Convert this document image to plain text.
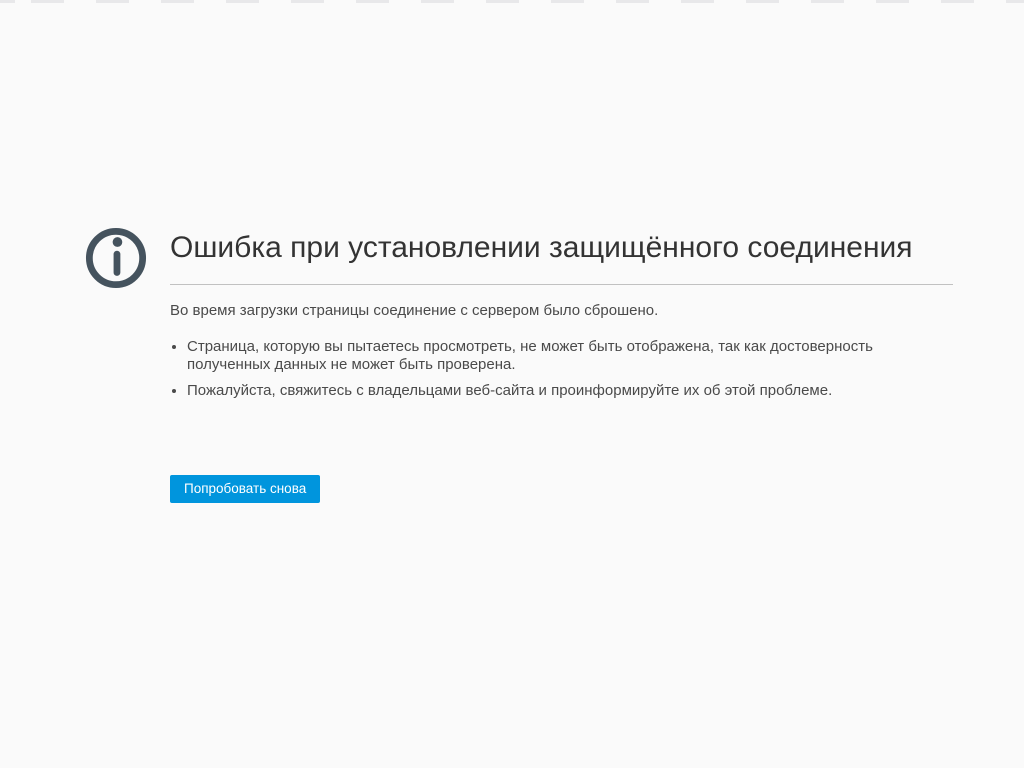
Ошибка при установлении защищённого соединения

Во время загрузки страницы соединение с сервером было сброшено.

• Страница, которую вы пытаетесь просмотреть, не может быть отображена, так как достоверность полученных данных не может быть проверена.
• Пожалуйста, свяжитесь с владельцами веб-сайта и проинформируйте их об этой проблеме.
Попробовать снова
